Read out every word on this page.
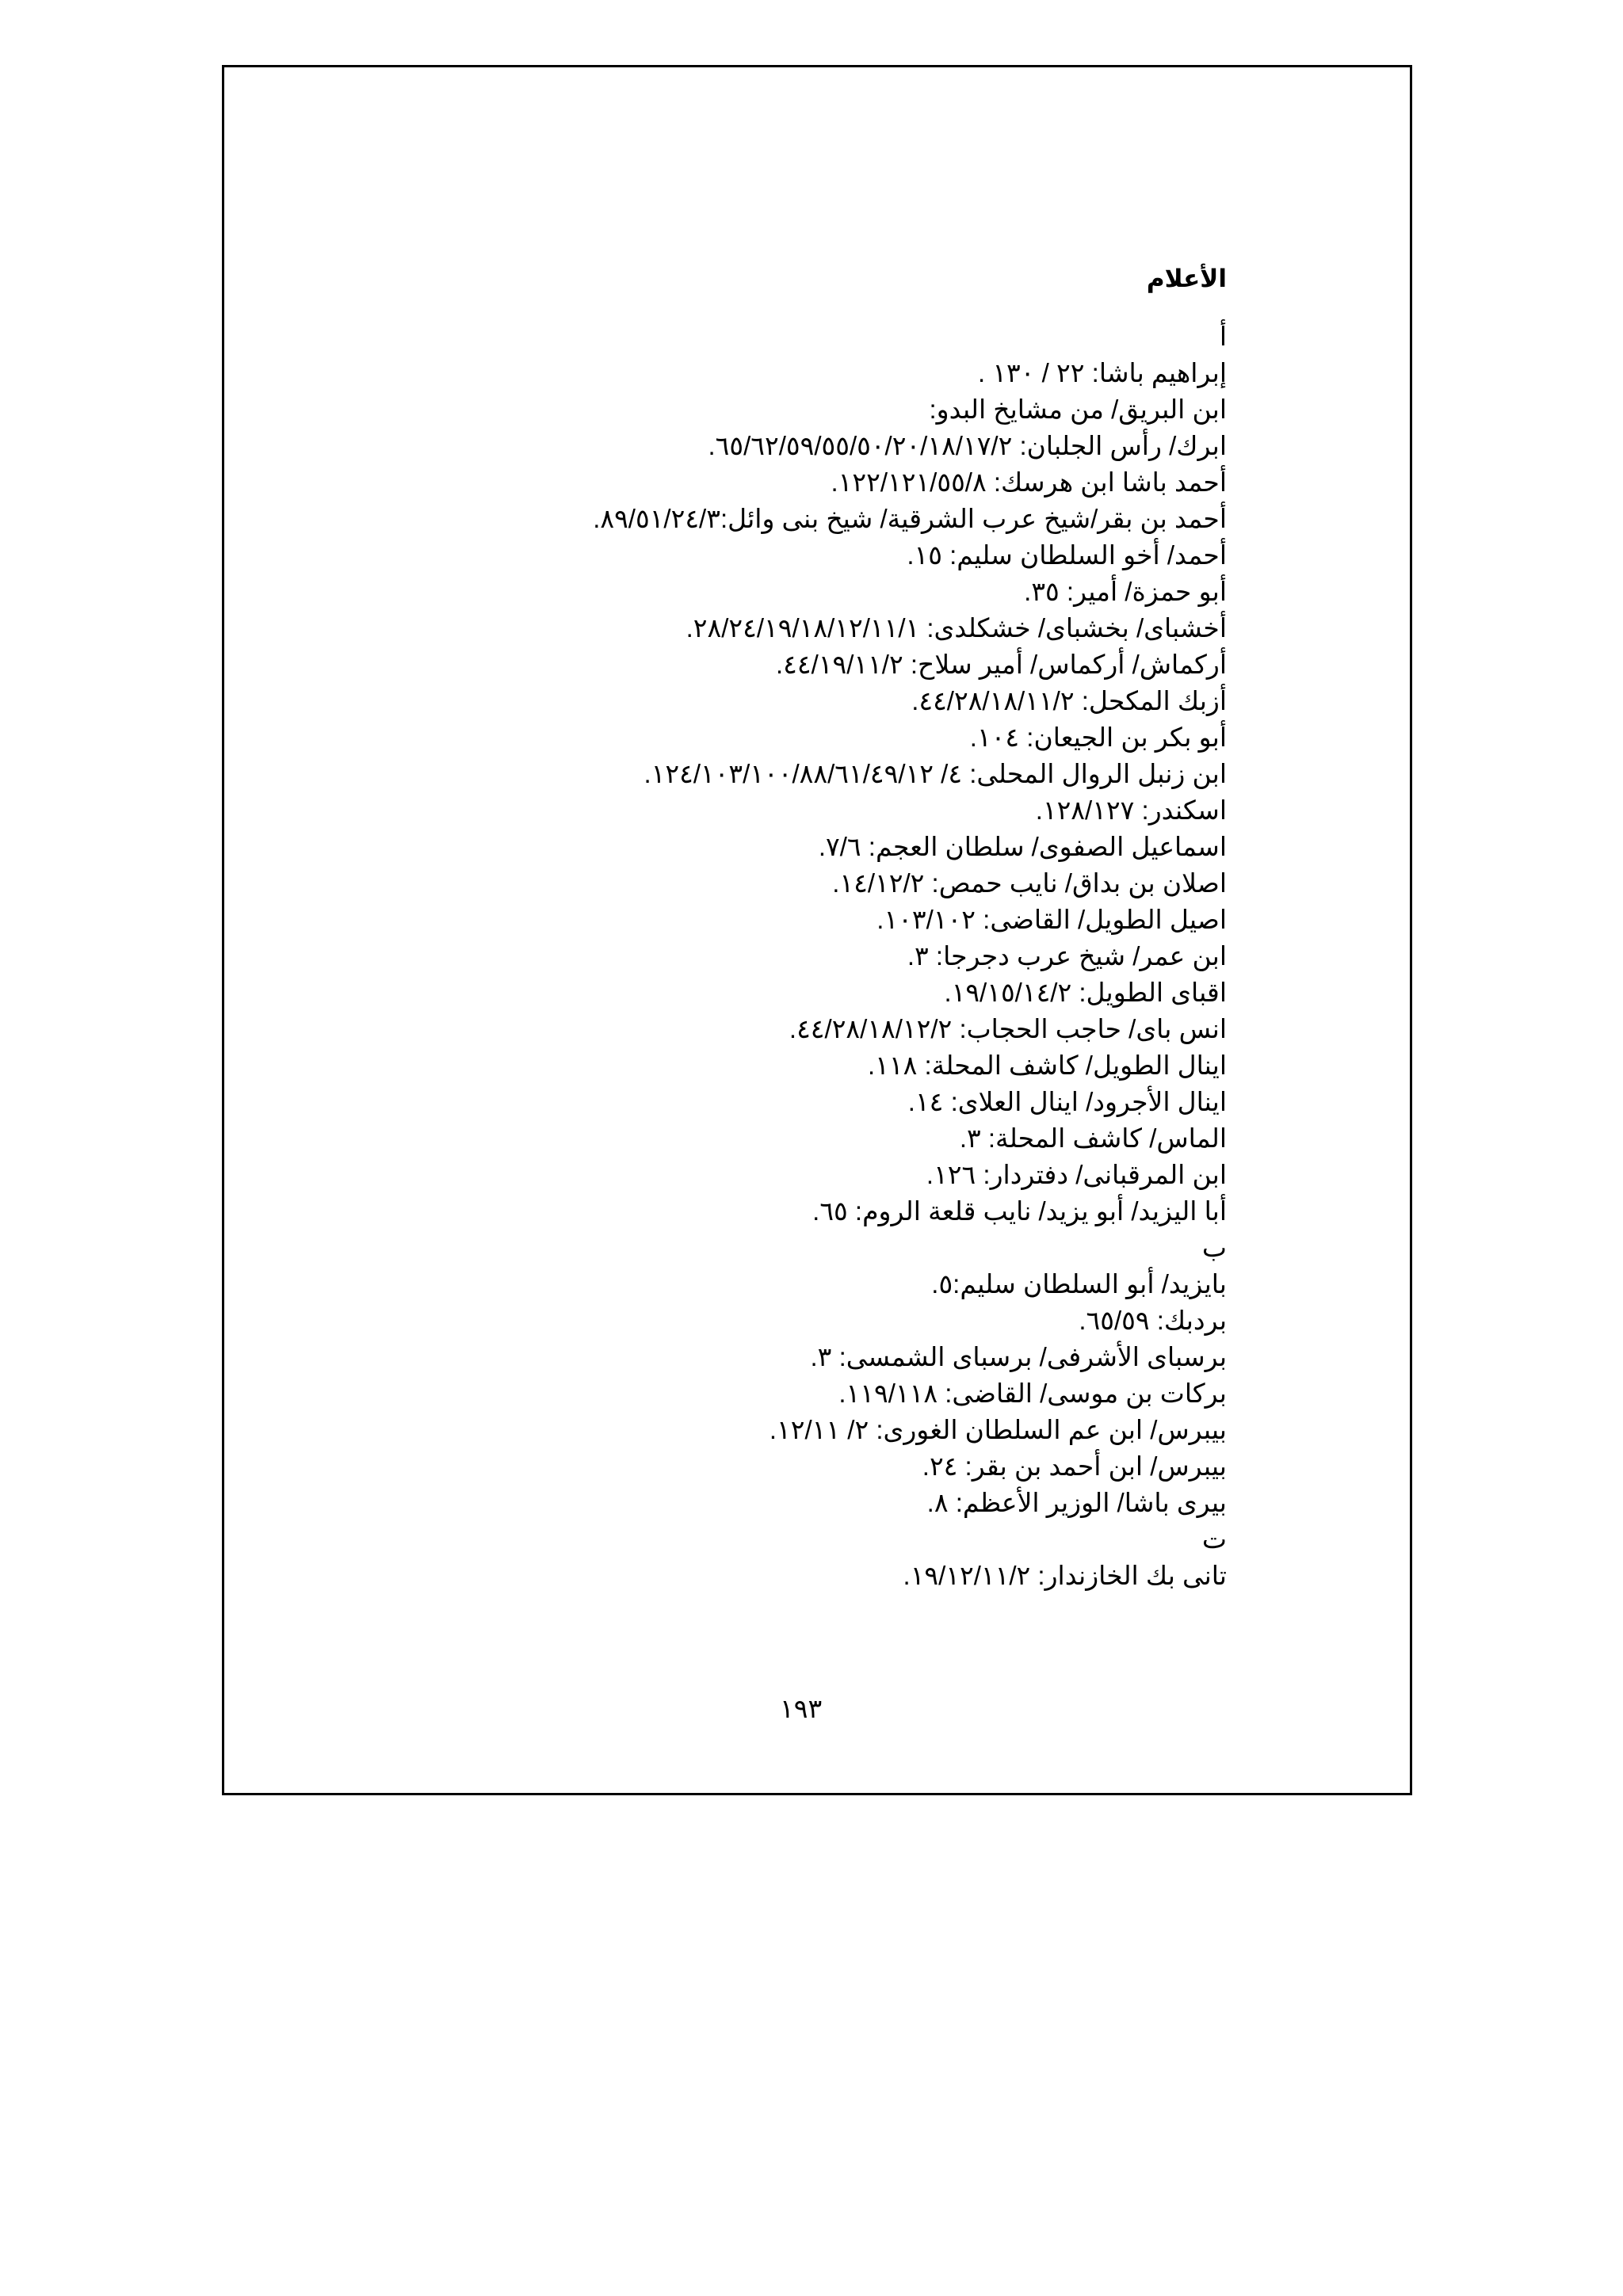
الأعلام
أ
إبراهيم باشا: ٢٢ / ١٣٠ .
ابن البريق/ من مشايخ البدو:
ابرك/ رأس الجلبان: ٦٥/٦٢/٥٩/٥٥/٥٠/٢٠/١٨/١٧/٢.
أحمد باشا ابن هرسك: ١٢٢/١٢١/٥٥/٨.
أحمد بن بقر/شيخ عرب الشرقية/ شيخ بنى وائل:٨٩/٥١/٢٤/٣.
أحمد/ أخو السلطان سليم: ١٥.
أبو حمزة/ أمير: ٣٥.
أخشباى/ بخشباى/ خشكلدى: ٢٨/٢٤/١٩/١٨/١٢/١١/١.
أركماش/ أركماس/ أمير سلاح: ٤٤/١٩/١١/٢.
أزبك المكحل: ٤٤/٢٨/١٨/١١/٢.
أبو بكر بن الجيعان: ١٠٤.
ابن زنبل الروال المحلى: ٤/ ١٢٤/١٠٣/١٠٠/٨٨/٦١/٤٩/١٢.
اسكندر: ١٢٨/١٢٧.
اسماعيل الصفوى/ سلطان العجم: ٧/٦.
اصلان بن بداق/ نايب حمص: ١٤/١٢/٢.
اصيل الطويل/ القاضى: ١٠٣/١٠٢.
ابن عمر/ شيخ عرب دجرجا: ٣.
اقباى الطويل: ١٩/١٥/١٤/٢.
انس باى/ حاجب الحجاب: ٤٤/٢٨/١٨/١٢/٢.
اينال الطويل/ كاشف المحلة: ١١٨.
اينال الأجرود/ اينال العلاى: ١٤.
الماس/ كاشف المحلة: ٣.
ابن المرقبانى/ دفتردار: ١٢٦.
أبا اليزيد/ أبو يزيد/ نايب قلعة الروم: ٦٥.
ب
بايزيد/ أبو السلطان سليم:٥.
بردبك: ٦٥/٥٩.
برسباى الأشرفى/ برسباى الشمسى: ٣.
بركات بن موسى/ القاضى: ١١٩/١١٨.
بيبرس/ ابن عم السلطان الغورى: ٢/ ١٢/١١.
بيبرس/ ابن أحمد بن بقر: ٢٤.
بيرى باشا/ الوزير الأعظم: ٨.
ت
تانى بك الخازندار: ١٩/١٢/١١/٢.
١٩٣
